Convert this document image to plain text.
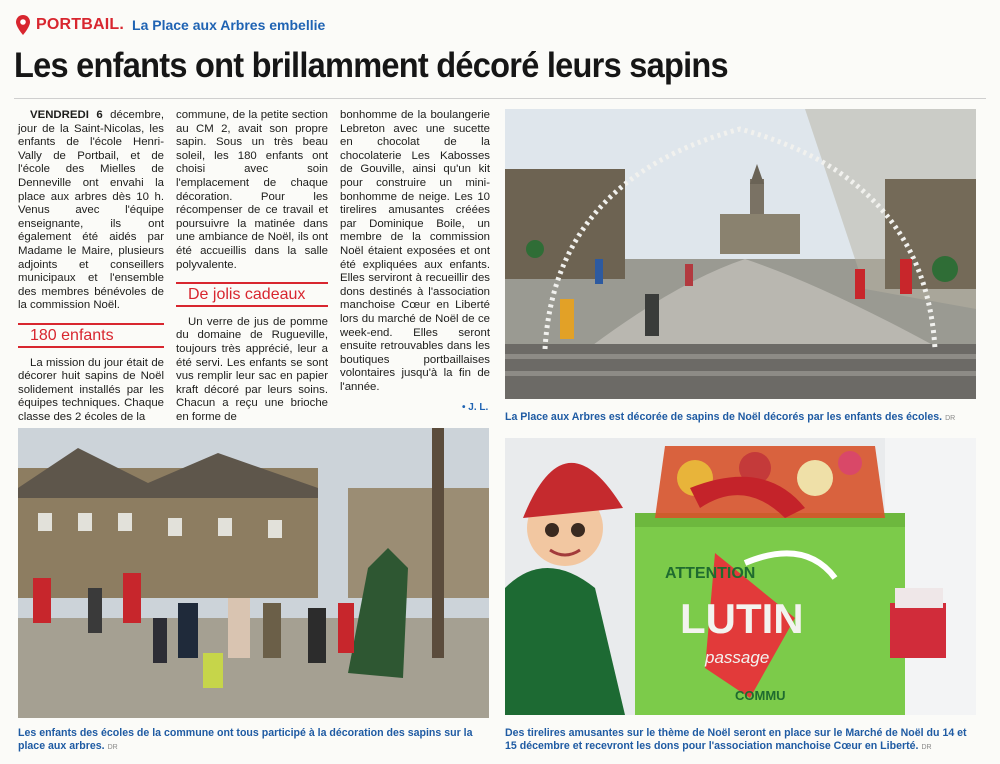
PORTBAIL. La Place aux Arbres embellie
Les enfants ont brillamment décoré leurs sapins

VENDREDI 6 décembre, jour de la Saint-Nicolas, les enfants de l'école Henri-Vally de Portbail, et de l'école des Mielles de Denneville ont envahi la place aux arbres dès 10 h. Venus avec l'équipe enseignante, ils ont également été aidés par Madame le Maire, plusieurs adjoints et conseillers municipaux et l'ensemble des membres bénévoles de la commission Noël.

180 enfants

La mission du jour était de décorer huit sapins de Noël solidement installés par les équipes techniques. Chaque classe des 2 écoles de la

commune, de la petite section au CM 2, avait son propre sapin. Sous un très beau soleil, les 180 enfants ont choisi avec soin l'emplacement de chaque décoration. Pour les récompenser de ce travail et poursuivre la matinée dans une ambiance de Noël, ils ont été accueillis dans la salle polyvalente.

De jolis cadeaux

Un verre de jus de pomme du domaine de Rugueville, toujours très apprécié, leur a été servi. Les enfants se sont vus remplir leur sac en papier kraft décoré par leurs soins. Chacun a reçu une brioche en forme de

bonhomme de la boulangerie Lebreton avec une sucette en chocolat de la chocolaterie Les Kabosses de Gouville, ainsi qu'un kit pour construire un mini-bonhomme de neige. Les 10 tirelires amusantes créées par Dominique Boile, un membre de la commission Noël étaient exposées et ont été expliquées aux enfants. Elles serviront à recueillir des dons destinés à l'association manchoise Cœur en Liberté lors du marché de Noël de ce week-end. Elles seront ensuite retrouvables dans les boutiques portbaillaises volontaires jusqu'à la fin de l'année.

• J. L.
La Place aux Arbres est décorée de sapins de Noël décorés par les enfants des écoles. DR
Les enfants des écoles de la commune ont tous participé à la décoration des sapins sur la place aux arbres. DR
ATTENTION
LUTIN
passage
COMMU
Des tirelires amusantes sur le thème de Noël seront en place sur le Marché de Noël du 14 et 15 décembre et recevront les dons pour l'association manchoise Cœur en Liberté. DR
